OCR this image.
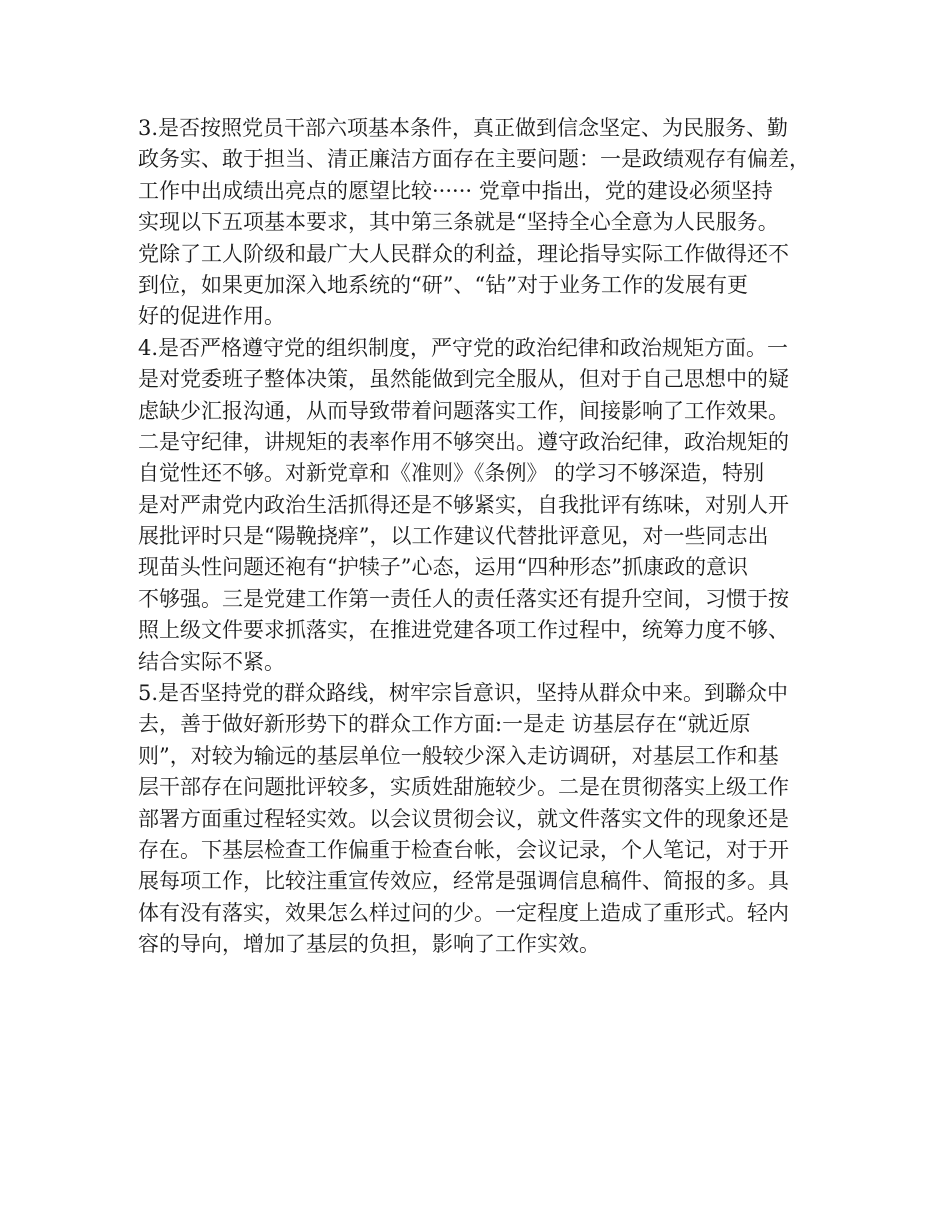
3.是否按照党员干部六项基本条件，真正做到信念坚定、为民服务、勤
政务实、敢于担当、清正廉洁方面存在主要问题：一是政绩观存有偏差，
工作中出成绩出亮点的愿望比较······ 党章中指出，党的建设必须坚持
实现以下五项基本要求，其中第三条就是“坚持全心全意为人民服务。
党除了工人阶级和最广大人民群众的利益，理论指导实际工作做得还不
到位，如果更加深入地系统的“研”、“钻”对于业务工作的发展有更
好的促进作用。
4.是否严格遵守党的组织制度，严守党的政治纪律和政治规矩方面。一
是对党委班子整体决策，虽然能做到完全服从，但对于自己思想中的疑
虑缺少汇报沟通，从而导致带着问题落实工作，间接影响了工作效果。
二是守纪律，讲规矩的表率作用不够突出。遵守政治纪律，政治规矩的
自觉性还不够。对新党章和《准则》《条例》 的学习不够深造，特别
是对严肃党内政治生活抓得还是不够紧实，自我批评有练味，对别人开
展批评时只是“陽鞔挠痒”，以工作建议代替批评意见，对一些同志出
现苗头性问题还袍有“护犊子”心态，运用“四种形态”抓康政的意识
不够强。三是党建工作第一责任人的责任落实还有提升空间，习惯于按
照上级文件要求抓落实，在推进党建各项工作过程中，统筹力度不够、
结合实际不紧。
5.是否坚持党的群众路线，树牢宗旨意识，坚持从群众中来。到聯众中
去，善于做好新形势下的群众工作方面:一是走 访基层存在“就近原
则”，对较为输远的基层单位一般较少深入走访调研，对基层工作和基
层干部存在问题批评较多，实质姓甜施较少。二是在贯彻落实上级工作
部署方面重过程轻实效。以会议贯彻会议，就文件落实文件的现象还是
存在。下基层检查工作偏重于检查台帐，会议记录，个人笔记，对于开
展每项工作，比较注重宣传效应，经常是强调信息稿件、简报的多。具
体有没有落实，效果怎么样过问的少。一定程度上造成了重形式。轻内
容的导向，增加了基层的负担，影响了工作实效。
